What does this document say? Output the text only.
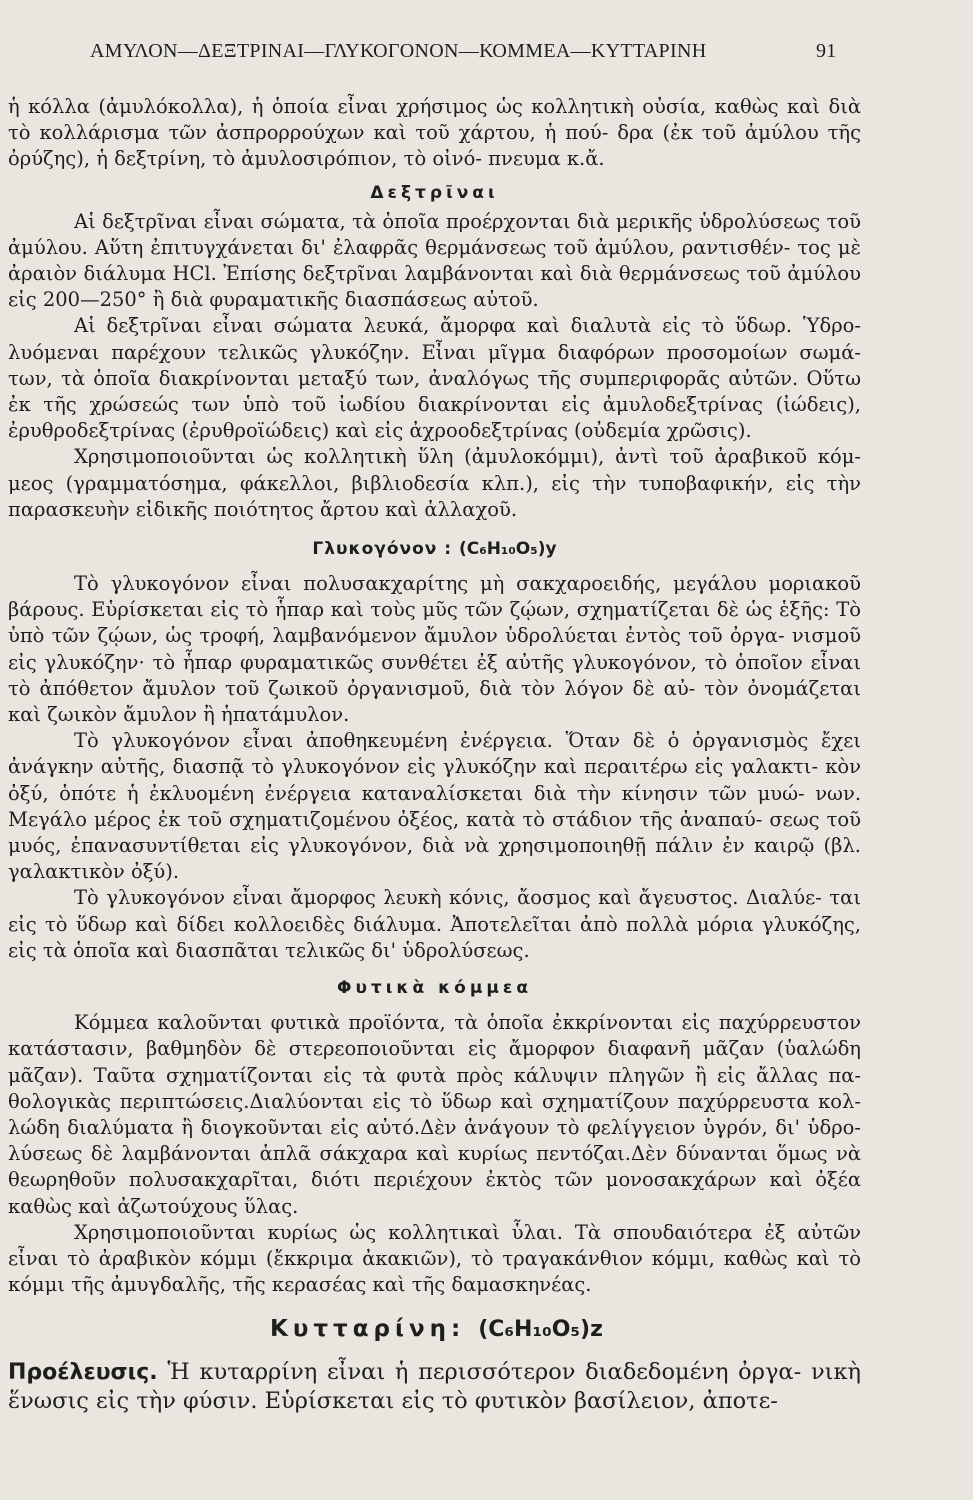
ΑΜΥΛΟΝ—ΔΕΞΤΡΙΝΑΙ—ΓΛΥΚΟΓΟΝΟΝ—ΚΟΜΜΕΑ—ΚΥΤΤΑΡΙΝΗ	91

ἡ κόλλα (ἀμυλόκολλα), ἡ ὁποία εἶναι χρήσιμος ὡς κολλητικὴ οὐσία, καθὼς καὶ διὰ τὸ κολλάρισμα τῶν ἀσπρορρούχων καὶ τοῦ χάρτου, ἡ πού- δρα (ἐκ τοῦ ἀμύλου τῆς ὀρύζης), ἡ δεξτρίνη, τὸ ἀμυλοσιρόπιον, τὸ οἰνό- πνευμα κ.ἄ.

Δεξτρῖναι

Αἱ δεξτρῖναι εἶναι σώματα, τὰ ὁποῖα προέρχονται διὰ μερικῆς ὑδρολύσεως τοῦ ἀμύλου. Αὕτη ἐπιτυγχάνεται δι' ἐλαφρᾶς θερμάνσεως τοῦ ἀμύλου, ραντισθέν- τος μὲ ἀραιὸν διάλυμα HCl. Ἐπίσης δεξτρῖναι λαμβάνονται καὶ διὰ θερμάνσεως τοῦ ἀμύλου εἰς 200—250° ἢ διὰ φυραματικῆς διασπάσεως αὐτοῦ.

Αἱ δεξτρῖναι εἶναι σώματα λευκά, ἄμορφα καὶ διαλυτὰ εἰς τὸ ὕδωρ. Ὑδρο- λυόμεναι παρέχουν τελικῶς γλυκόζην. Εἶναι μῖγμα διαφόρων προσομοίων σωμά- των, τὰ ὁποῖα διακρίνονται μεταξύ των, ἀναλόγως τῆς συμπεριφορᾶς αὐτῶν. Οὕτω ἐκ τῆς χρώσεώς των ὑπὸ τοῦ ἰωδίου διακρίνονται εἰς ἀμυλοδεξτρίνας (ἰώδεις), ἐρυθροδεξτρίνας (ἐρυθροϊώδεις) καὶ εἰς ἀχροοδεξτρίνας (οὐδεμία χρῶσις).

Χρησιμοποιοῦνται ὡς κολλητικὴ ὕλη (ἀμυλοκόμμι), ἀντὶ τοῦ ἀραβικοῦ κόμ- μεος (γραμματόσημα, φάκελλοι, βιβλιοδεσία κλπ.), εἰς τὴν τυποβαφικήν, εἰς τὴν παρασκευὴν εἰδικῆς ποιότητος ἄρτου καὶ ἀλλαχοῦ.

Γλυκογόνον : (C₆H₁₀O₅)y

Τὸ γλυκογόνον εἶναι πολυσακχαρίτης μὴ σακχαροειδής, μεγάλου μοριακοῦ βάρους. Εὑρίσκεται εἰς τὸ ἧπαρ καὶ τοὺς μῦς τῶν ζῴων, σχηματίζεται δὲ ὡς ἑξῆς: Τὸ ὑπὸ τῶν ζῴων, ὡς τροφή, λαμβανόμενον ἄμυλον ὑδρολύεται ἐντὸς τοῦ ὀργα- νισμοῦ εἰς γλυκόζην· τὸ ἧπαρ φυραματικῶς συνθέτει ἐξ αὐτῆς γλυκογόνον, τὸ ὁποῖον εἶναι τὸ ἀπόθετον ἄμυλον τοῦ ζωικοῦ ὀργανισμοῦ, διὰ τὸν λόγον δὲ αὐ- τὸν ὀνομάζεται καὶ ζωικὸν ἄμυλον ἢ ἡπατάμυλον.

Τὸ γλυκογόνον εἶναι ἀποθηκευμένη ἐνέργεια. Ὅταν δὲ ὁ ὀργανισμὸς ἔχει ἀνάγκην αὐτῆς, διασπᾷ τὸ γλυκογόνον εἰς γλυκόζην καὶ περαιτέρω εἰς γαλακτι- κὸν ὀξύ, ὁπότε ἡ ἐκλυομένη ἐνέργεια καταναλίσκεται διὰ τὴν κίνησιν τῶν μυώ- νων. Μεγάλο μέρος ἐκ τοῦ σχηματιζομένου ὀξέος, κατὰ τὸ στάδιον τῆς ἀναπαύ- σεως τοῦ μυός, ἐπανασυντίθεται εἰς γλυκογόνον, διὰ νὰ χρησιμοποιηθῇ πάλιν ἐν καιρῷ (βλ. γαλακτικὸν ὀξύ).

Τὸ γλυκογόνον εἶναι ἄμορφος λευκὴ κόνις, ἄοσμος καὶ ἄγευστος. Διαλύε- ται εἰς τὸ ὕδωρ καὶ δίδει κολλοειδὲς διάλυμα. Ἀποτελεῖται ἀπὸ πολλὰ μόρια γλυκόζης, εἰς τὰ ὁποῖα καὶ διασπᾶται τελικῶς δι' ὑδρολύσεως.

Φυτικὰ κόμμεα

Κόμμεα καλοῦνται φυτικὰ προϊόντα, τὰ ὁποῖα ἐκκρίνονται εἰς παχύρρευστον κατάστασιν, βαθμηδὸν δὲ στερεοποιοῦνται εἰς ἄμορφον διαφανῆ μᾶζαν (ὑαλώδη μᾶζαν). Ταῦτα σχηματίζονται εἰς τὰ φυτὰ πρὸς κάλυψιν πληγῶν ἢ εἰς ἄλλας πα- θολογικὰς περιπτώσεις.Διαλύονται εἰς τὸ ὕδωρ καὶ σχηματίζουν παχύρρευστα κολ- λώδη διαλύματα ἢ διογκοῦνται εἰς αὐτό.Δὲν ἀνάγουν τὸ φελίγγειον ὑγρόν, δι' ὑδρο- λύσεως δὲ λαμβάνονται ἁπλᾶ σάκχαρα καὶ κυρίως πεντόζαι.Δὲν δύνανται ὅμως νὰ θεωρηθοῦν πολυσακχαρῖται, διότι περιέχουν ἐκτὸς τῶν μονοσακχάρων καὶ ὀξέα καθὼς καὶ ἀζωτούχους ὕλας.

Χρησιμοποιοῦνται κυρίως ὡς κολλητικαὶ ὗλαι. Τὰ σπουδαιότερα ἐξ αὐτῶν εἶναι τὸ ἀραβικὸν κόμμι (ἔκκριμα ἀκακιῶν), τὸ τραγακάνθιον κόμμι, καθὼς καὶ τὸ κόμμι τῆς ἀμυγδαλῆς, τῆς κερασέας καὶ τῆς δαμασκηνέας.

Κυτταρίνη: (C₆H₁₀O₅)z

Προέλευσις. Ἡ κυταρρίνη εἶναι ἡ περισσότερον διαδεδομένη ὀργα- νικὴ ἕνωσις εἰς τὴν φύσιν. Εὑρίσκεται εἰς τὸ φυτικὸν βασίλειον, ἀποτε-
